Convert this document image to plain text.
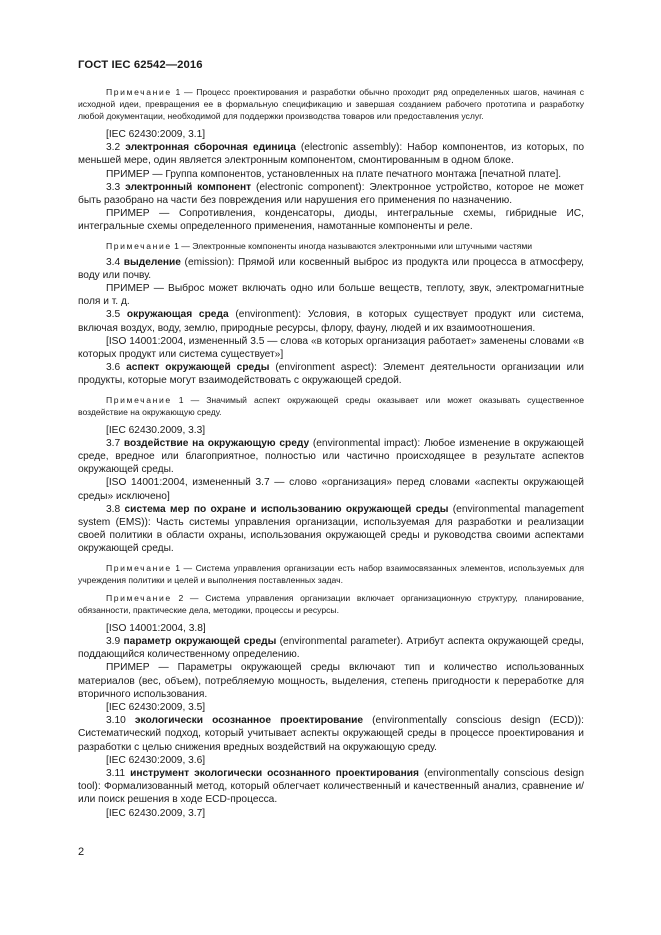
ГОСТ IEC 62542—2016

Примечание 1 — Процесс проектирования и разработки обычно проходит ряд определенных шагов, начиная с исходной идеи, превращения ее в формальную спецификацию и завершая созданием рабочего прототипа и разработку любой документации, необходимой для поддержки производства товаров или предоставления услуг.

[IEC 62430:2009, 3.1]

3.2 электронная сборочная единица (electronic assembly): Набор компонентов, из которых, по меньшей мере, один является электронным компонентом, смонтированным в одном блоке.

ПРИМЕР — Группа компонентов, установленных на плате печатного монтажа [печатной плате].

3.3 электронный компонент (electronic component): Электронное устройство, которое не может быть разобрано на части без повреждения или нарушения его применения по назначению.

ПРИМЕР — Сопротивления, конденсаторы, диоды, интегральные схемы, гибридные ИС, интегральные схемы определенного применения, намотанные компоненты и реле.

Примечание 1 — Электронные компоненты иногда называются электронными или штучными частями

3.4 выделение (emission): Прямой или косвенный выброс из продукта или процесса в атмосферу, воду или почву.

ПРИМЕР — Выброс может включать одно или больше веществ, теплоту, звук, электромагнитные поля и т. д.

3.5 окружающая среда (environment): Условия, в которых существует продукт или система, включая воздух, воду, землю, природные ресурсы, флору, фауну, людей и их взаимоотношения.

[ISO 14001:2004, измененный 3.5 — слова «в которых организация работает» заменены словами «в которых продукт или система существует»]

3.6 аспект окружающей среды (environment aspect): Элемент деятельности организации или продукты, которые могут взаимодействовать с окружающей средой.

Примечание 1 — Значимый аспект окружающей среды оказывает или может оказывать существенное воздействие на окружающую среду.

[IEC 62430.2009, 3.3]

3.7 воздействие на окружающую среду (environmental impact): Любое изменение в окружающей среде, вредное или благоприятное, полностью или частично происходящее в результате аспектов окружающей среды.

[ISO 14001:2004, измененный 3.7 — слово «организация» перед словами «аспекты окружающей среды» исключено]

3.8 система мер по охране и использованию окружающей среды (environmental management system (EMS)): Часть системы управления организации, используемая для разработки и реализации своей политики в области охраны, использования окружающей среды и руководства своими аспектами окружающей среды.

Примечание 1 — Система управления организации есть набор взаимосвязанных элементов, используемых для учреждения политики и целей и выполнения поставленных задач.

Примечание 2 — Система управления организации включает организационную структуру, планирование, обязанности, практические дела, методики, процессы и ресурсы.

[ISO 14001:2004, 3.8]

3.9 параметр окружающей среды (environmental parameter). Атрибут аспекта окружающей среды, поддающийся количественному определению.

ПРИМЕР — Параметры окружающей среды включают тип и количество использованных материалов (вес, объем), потребляемую мощность, выделения, степень пригодности к переработке для вторичного использования.

[IEC 62430:2009, 3.5]

3.10 экологически осознанное проектирование (environmentally conscious design (ECD)): Систематический подход, который учитывает аспекты окружающей среды в процессе проектирования и разработки с целью снижения вредных воздействий на окружающую среду.

[IEC 62430:2009, 3.6]

3.11 инструмент экологически осознанного проектирования (environmentally conscious design tool): Формализованный метод, который облегчает количественный и качественный анализ, сравнение и/или поиск решения в ходе ECD-процесса.

[IEC 62430.2009, 3.7]

2
